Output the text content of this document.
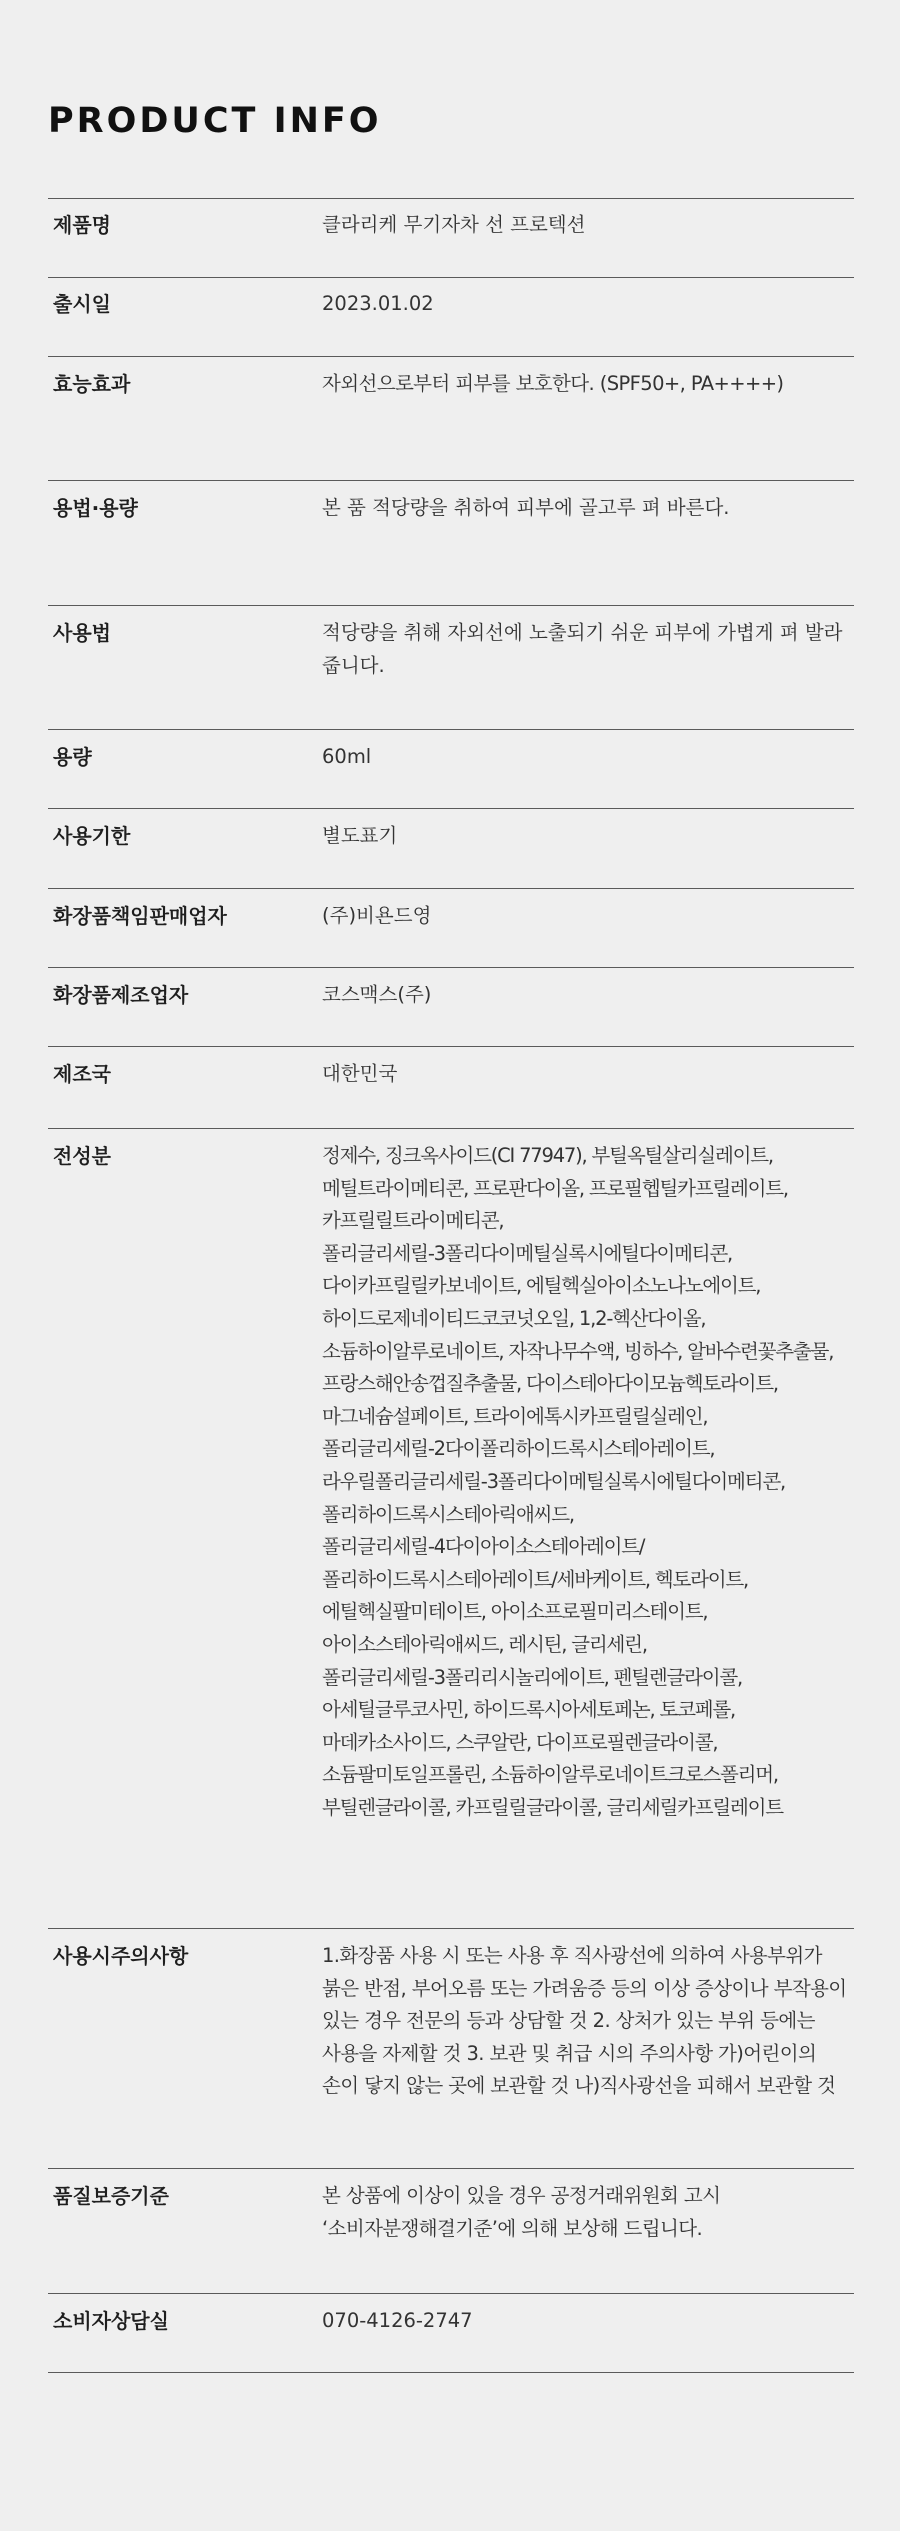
PRODUCT INFO

제품명	클라리케 무기자차 선 프로텍션

출시일	2023.01.02

효능효과	자외선으로부터 피부를 보호한다. (SPF50+, PA++++)

용법·용량	본 품 적당량을 취하여 피부에 골고루 펴 바른다.

사용법	적당량을 취해 자외선에 노출되기 쉬운 피부에 가볍게 펴 발라 줍니다.

용량	60ml

사용기한	별도표기

화장품책임판매업자	(주)비욘드영

화장품제조업자	코스맥스(주)

제조국	대한민국

전성분	정제수, 징크옥사이드(CI 77947), 부틸옥틸살리실레이트, 메틸트라이메티콘, 프로판다이올, 프로필헵틸카프릴레이트, 카프릴릴트라이메티콘, 폴리글리세릴-3폴리다이메틸실록시에틸다이메티콘, 다이카프릴릴카보네이트, 에틸헥실아이소노나노에이트, 하이드로제네이티드코코넛오일, 1,2-헥산다이올, 소듐하이알루로네이트, 자작나무수액, 빙하수, 알바수련꽃추출물, 프랑스해안송껍질추출물, 다이스테아다이모늄헥토라이트, 마그네슘설페이트, 트라이에톡시카프릴릴실레인, 폴리글리세릴-2다이폴리하이드록시스테아레이트, 라우릴폴리글리세릴-3폴리다이메틸실록시에틸다이메티콘, 폴리하이드록시스테아릭애씨드, 폴리글리세릴-4다이아이소스테아레이트/폴리하이드록시스테아레이트/세바케이트, 헥토라이트, 에틸헥실팔미테이트, 아이소프로필미리스테이트, 아이소스테아릭애씨드, 레시틴, 글리세린, 폴리글리세릴-3폴리리시놀리에이트, 펜틸렌글라이콜, 아세틸글루코사민, 하이드록시아세토페논, 토코페롤, 마데카소사이드, 스쿠알란, 다이프로필렌글라이콜, 소듐팔미토일프롤린, 소듐하이알루로네이트크로스폴리머, 부틸렌글라이콜, 카프릴릴글라이콜, 글리세릴카프릴레이트

사용시주의사항	1.화장품 사용 시 또는 사용 후 직사광선에 의하여 사용부위가 붉은 반점, 부어오름 또는 가려움증 등의 이상 증상이나 부작용이 있는 경우 전문의 등과 상담할 것 2. 상처가 있는 부위 등에는 사용을 자제할 것 3. 보관 및 취급 시의 주의사항 가)어린이의 손이 닿지 않는 곳에 보관할 것 나)직사광선을 피해서 보관할 것

품질보증기준	본 상품에 이상이 있을 경우 공정거래위원회 고시 ‘소비자분쟁해결기준’에 의해 보상해 드립니다.

소비자상담실	070-4126-2747
